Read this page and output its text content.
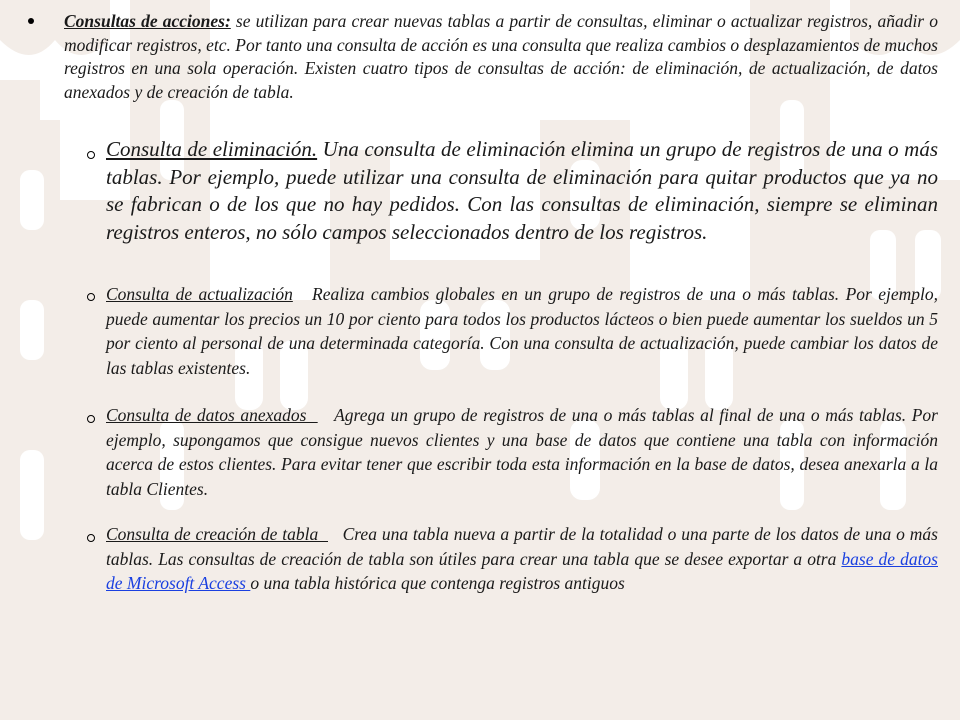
Consultas de acciones: se utilizan para crear nuevas tablas a partir de consultas, eliminar o actualizar registros, añadir o modificar registros, etc. Por tanto una consulta de acción es una consulta que realiza cambios o desplazamientos de muchos registros en una sola operación. Existen cuatro tipos de consultas de acción: de eliminación, de actualización, de datos anexados y de creación de tabla.
Consulta de eliminación. Una consulta de eliminación elimina un grupo de registros de una o más tablas. Por ejemplo, puede utilizar una consulta de eliminación para quitar productos que ya no se fabrican o de los que no hay pedidos. Con las consultas de eliminación, siempre se eliminan registros enteros, no sólo campos seleccionados dentro de los registros.
Consulta de actualización   Realiza cambios globales en un grupo de registros de una o más tablas. Por ejemplo, puede aumentar los precios un 10 por ciento para todos los productos lácteos o bien puede aumentar los sueldos un 5 por ciento al personal de una determinada categoría. Con una consulta de actualización, puede cambiar los datos de las tablas existentes.
Consulta de datos anexados     Agrega un grupo de registros de una o más tablas al final de una o más tablas. Por ejemplo, supongamos que consigue nuevos clientes y una base de datos que contiene una tabla con información acerca de estos clientes. Para evitar tener que escribir toda esta información en la base de datos, desea anexarla a la tabla Clientes.
Consulta de creación de tabla     Crea una tabla nueva a partir de la totalidad o una parte de los datos de una o más tablas. Las consultas de creación de tabla son útiles para crear una tabla que se desee exportar a otra base de datos de Microsoft Access o una tabla histórica que contenga registros antiguos
